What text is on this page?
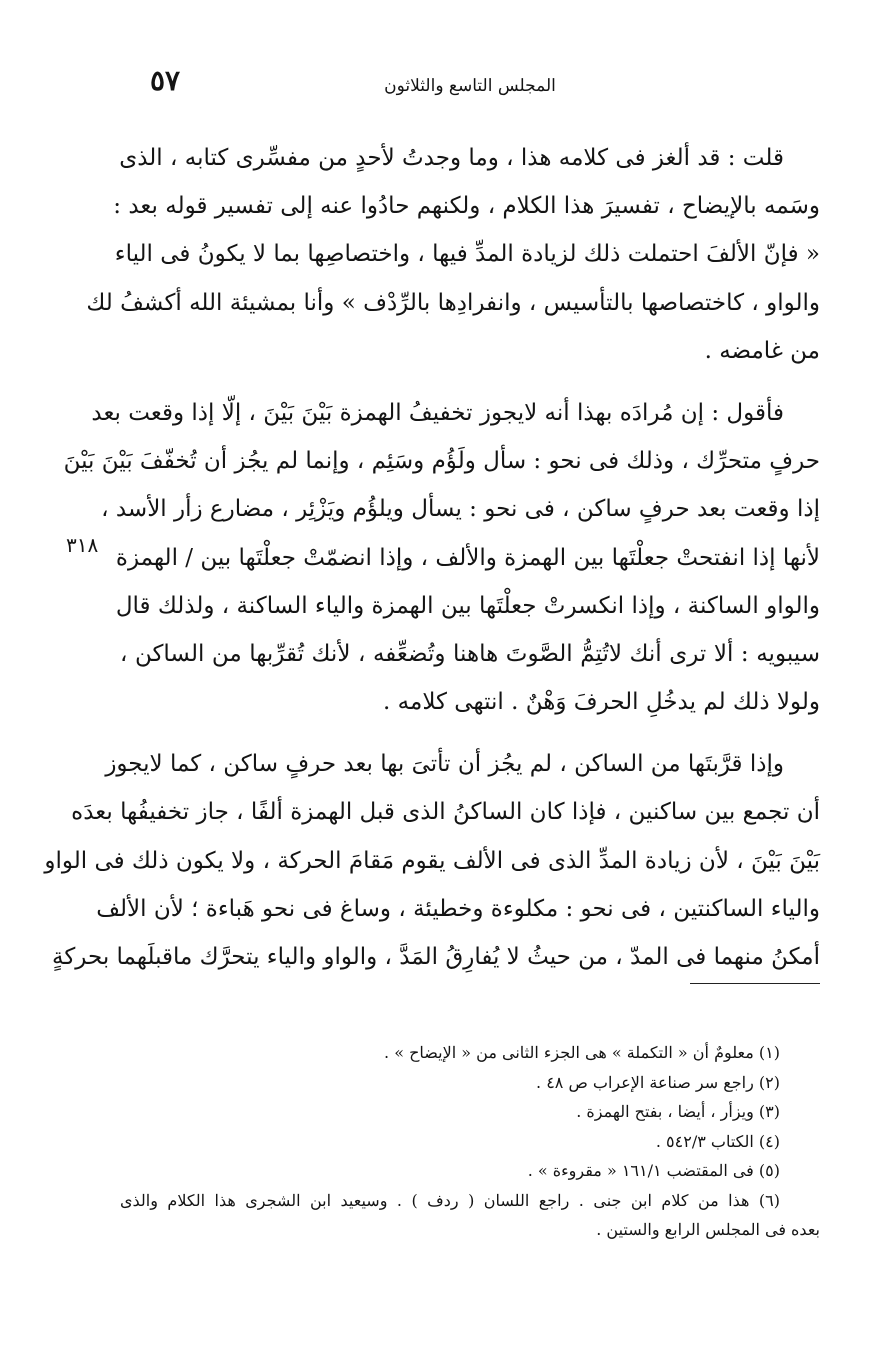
المجلس التاسع والثلاثون
٥٧
قلت : قد ألغز فى كلامه هذا ، وما وجدتُ لأحدٍ من مفسِّرى كتابه ، الذى
وسَمه بالإيضاح ، تفسيرَ هذا الكلام ، ولكنهم حادُوا عنه إلى تفسير قوله بعد :
« فإنّ الألفَ احتملت ذلك لزيادة المدِّ فيها ، واختصاصِها بما لا يكونُ فى الياء
والواو ، كاختصاصها بالتأسيس ، وانفرادِها بالرِّدْف » وأنا بمشيئة الله أكشفُ لك
من غامضه .
فأقول : إن مُرادَه بهذا أنه لايجوز تخفيفُ الهمزة بَيْنَ بَيْنَ ، إلّا إذا وقعت بعد
حرفٍ متحرِّك ، وذلك فى نحو : سأل ولَؤُم وسَئِم ، وإنما لم يجُز أن تُخفّفَ بَيْنَ بَيْنَ
إذا وقعت بعد حرفٍ ساكن ، فى نحو : يسأل ويلؤُم ويَزْئِر ، مضارع زأر الأسد ،
لأنها إذا انفتحتْ جعلْتَها بين الهمزة والألف ، وإذا انضمّتْ جعلْتَها بين / الهمزة
والواو الساكنة ، وإذا انكسرتْ جعلْتَها بين الهمزة والياء الساكنة ، ولذلك قال
سيبويه : ألا ترى أنك لاتُتِمُّ الصَّوتَ هاهنا وتُضعِّفه ، لأنك تُقرِّبها من الساكن ،
ولولا ذلك لم يدخُلِ الحرفَ وَهْنٌ . انتهى كلامه .
وإذا قرَّبتَها من الساكن ، لم يجُز أن تأتىَ بها بعد حرفٍ ساكن ، كما لايجوز
أن تجمع بين ساكنين ، فإذا كان الساكنُ الذى قبل الهمزة ألفًا ، جاز تخفيفُها بعدَه
بَيْنَ بَيْنَ ، لأن زيادة المدِّ الذى فى الألف يقوم مَقامَ الحركة ، ولا يكون ذلك فى الواو
والياء الساكنتين ، فى نحو : مكلوءة وخطيئة ، وساغ فى نحو هَباءة ؛ لأن الألف
أمكنُ منهما فى المدّ ، من حيثُ لا يُفارِقُ المَدَّ ، والواو والياء يتحرَّك ماقبلَهما بحركةٍ
٣١٨
(١) معلومٌ أن « التكملة » هى الجزء الثانى من « الإيضاح » .
(٢) راجع سر صناعة الإعراب ص ٤٨ .
(٣) ويزأر ، أيضا ، بفتح الهمزة .
(٤) الكتاب ٥٤٢/٣ .
(٥) فى المقتضب ١٦١/١ « مقروءة » .
(٦) هذا من كلام ابن جنى . راجع اللسان ( ردف ) . وسيعيد ابن الشجرى هذا الكلام والذى
بعده فى المجلس الرابع والستين .
